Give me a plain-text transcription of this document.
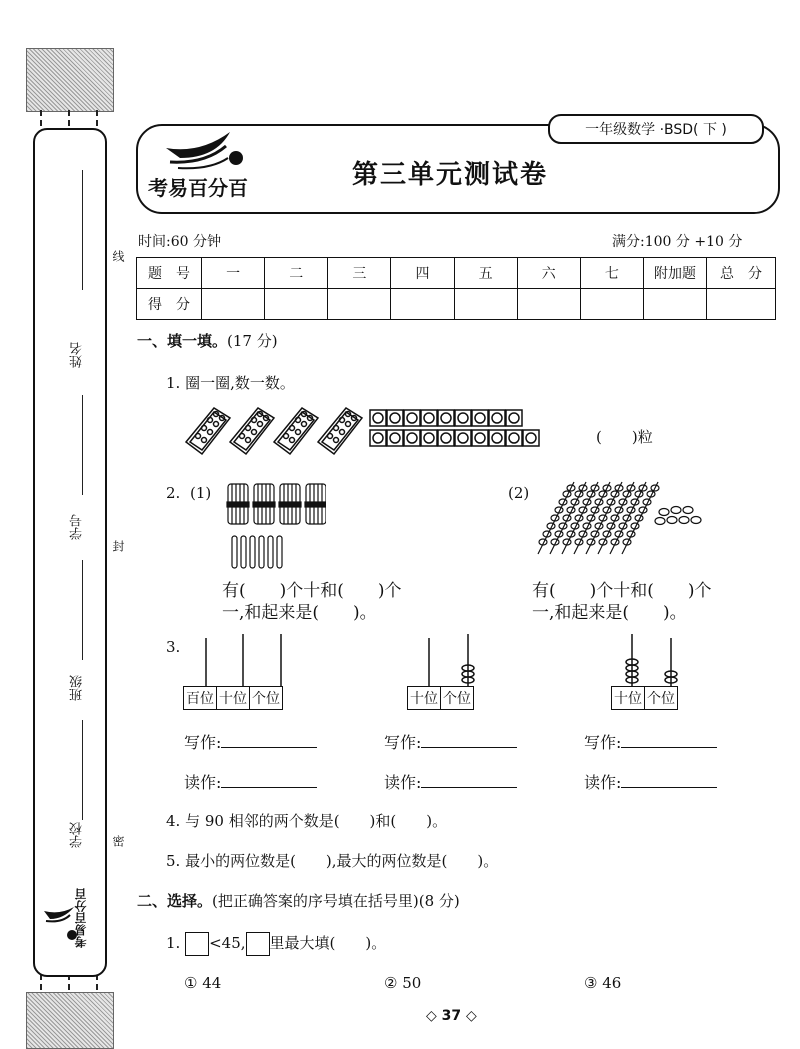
姓名
学号
班级
学校
线
封
密
考易百分百
一年级数学 ·BSD( 下 )
考易百分百	第三单元测试卷
时间:60 分钟	满分:100 分 +10 分
题　号	一	二	三	四	五	六	七	附加题	总　分
得　分									
一、填一填。(17 分)
1. 圈一圈,数一数。
(　　)粒
2. (1)
有(　　)个十和(　　)个
一,和起来是(　　)。
(2)
有(　　)个十和(　　)个
一,和起来是(　　)。
3.
百位 十位 个位	十位 个位	十位 个位
写作:	写作:	写作:
读作:	读作:	读作:
4. 与 90 相邻的两个数是(　　)和(　　)。
5. 最小的两位数是(　　),最大的两位数是(　　)。
二、选择。(把正确答案的序号填在括号里)(8 分)
1. <45, 里最大填(　　)。
① 44	② 50	③ 46
◇ 37 ◇
